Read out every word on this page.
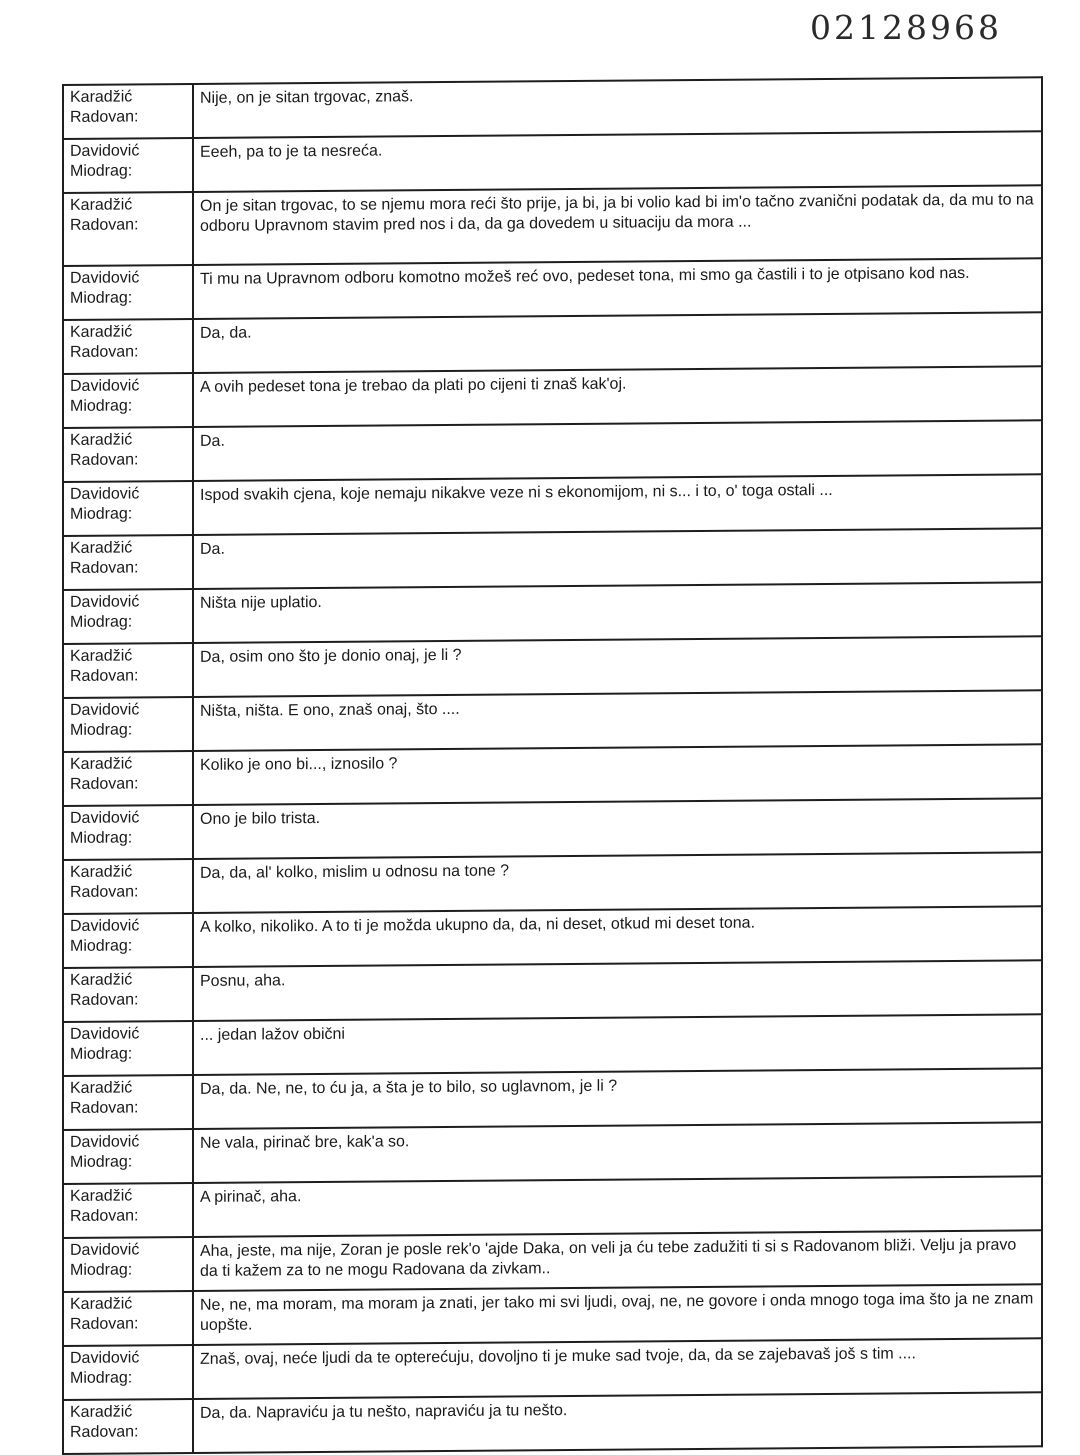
02128968
Karadžić
Radovan:	Nije, on je sitan trgovac, znaš.

Davidović
Miodrag:	Eeeh, pa to je ta nesreća.

Karadžić
Radovan:	On je sitan trgovac, to se njemu mora reći što prije, ja bi, ja bi volio kad bi im'o tačno zvanični podatak da, da mu to na odboru Upravnom stavim pred nos i da, da ga dovedem u situaciju da mora ...

Davidović
Miodrag:	Ti mu na Upravnom odboru komotno možeš reć ovo, pedeset tona, mi smo ga častili i to je otpisano kod nas.

Karadžić
Radovan:	Da, da.

Davidović
Miodrag:	A ovih pedeset tona je trebao da plati po cijeni ti znaš kak'oj.

Karadžić
Radovan:	Da.

Davidović
Miodrag:	Ispod svakih cjena, koje nemaju nikakve veze ni s ekonomijom, ni s... i to, o' toga ostali ...

Karadžić
Radovan:	Da.

Davidović
Miodrag:	Ništa nije uplatio.

Karadžić
Radovan:	Da, osim ono što je donio onaj, je li ?

Davidović
Miodrag:	Ništa, ništa. E ono, znaš onaj, što ....

Karadžić
Radovan:	Koliko je ono bi..., iznosilo ?

Davidović
Miodrag:	Ono je bilo trista.

Karadžić
Radovan:	Da, da, al' kolko, mislim u odnosu na tone ?

Davidović
Miodrag:	A kolko, nikoliko. A to ti je možda ukupno da, da, ni deset, otkud mi deset tona.

Karadžić
Radovan:	Posnu, aha.

Davidović
Miodrag:	... jedan lažov obični

Karadžić
Radovan:	Da, da. Ne, ne, to ću ja, a šta je to bilo, so uglavnom, je li ?

Davidović
Miodrag:	Ne vala, pirinač bre, kak'a so.

Karadžić
Radovan:	A pirinač, aha.

Davidović
Miodrag:	Aha, jeste, ma nije, Zoran je posle rek'o 'ajde Daka, on veli ja ću tebe zadužiti ti si s Radovanom bliži. Velju ja pravo da ti kažem za to ne mogu Radovana da zivkam..

Karadžić
Radovan:	Ne, ne, ma moram, ma moram ja znati, jer tako mi svi ljudi, ovaj, ne, ne govore i onda mnogo toga ima što ja ne znam uopšte.

Davidović
Miodrag:	Znaš, ovaj, neće ljudi da te opterećuju, dovoljno ti je muke sad tvoje, da, da se zajebavaš još s tim ....

Karadžić
Radovan:	Da, da. Napraviću ja tu nešto, napraviću ja tu nešto.
